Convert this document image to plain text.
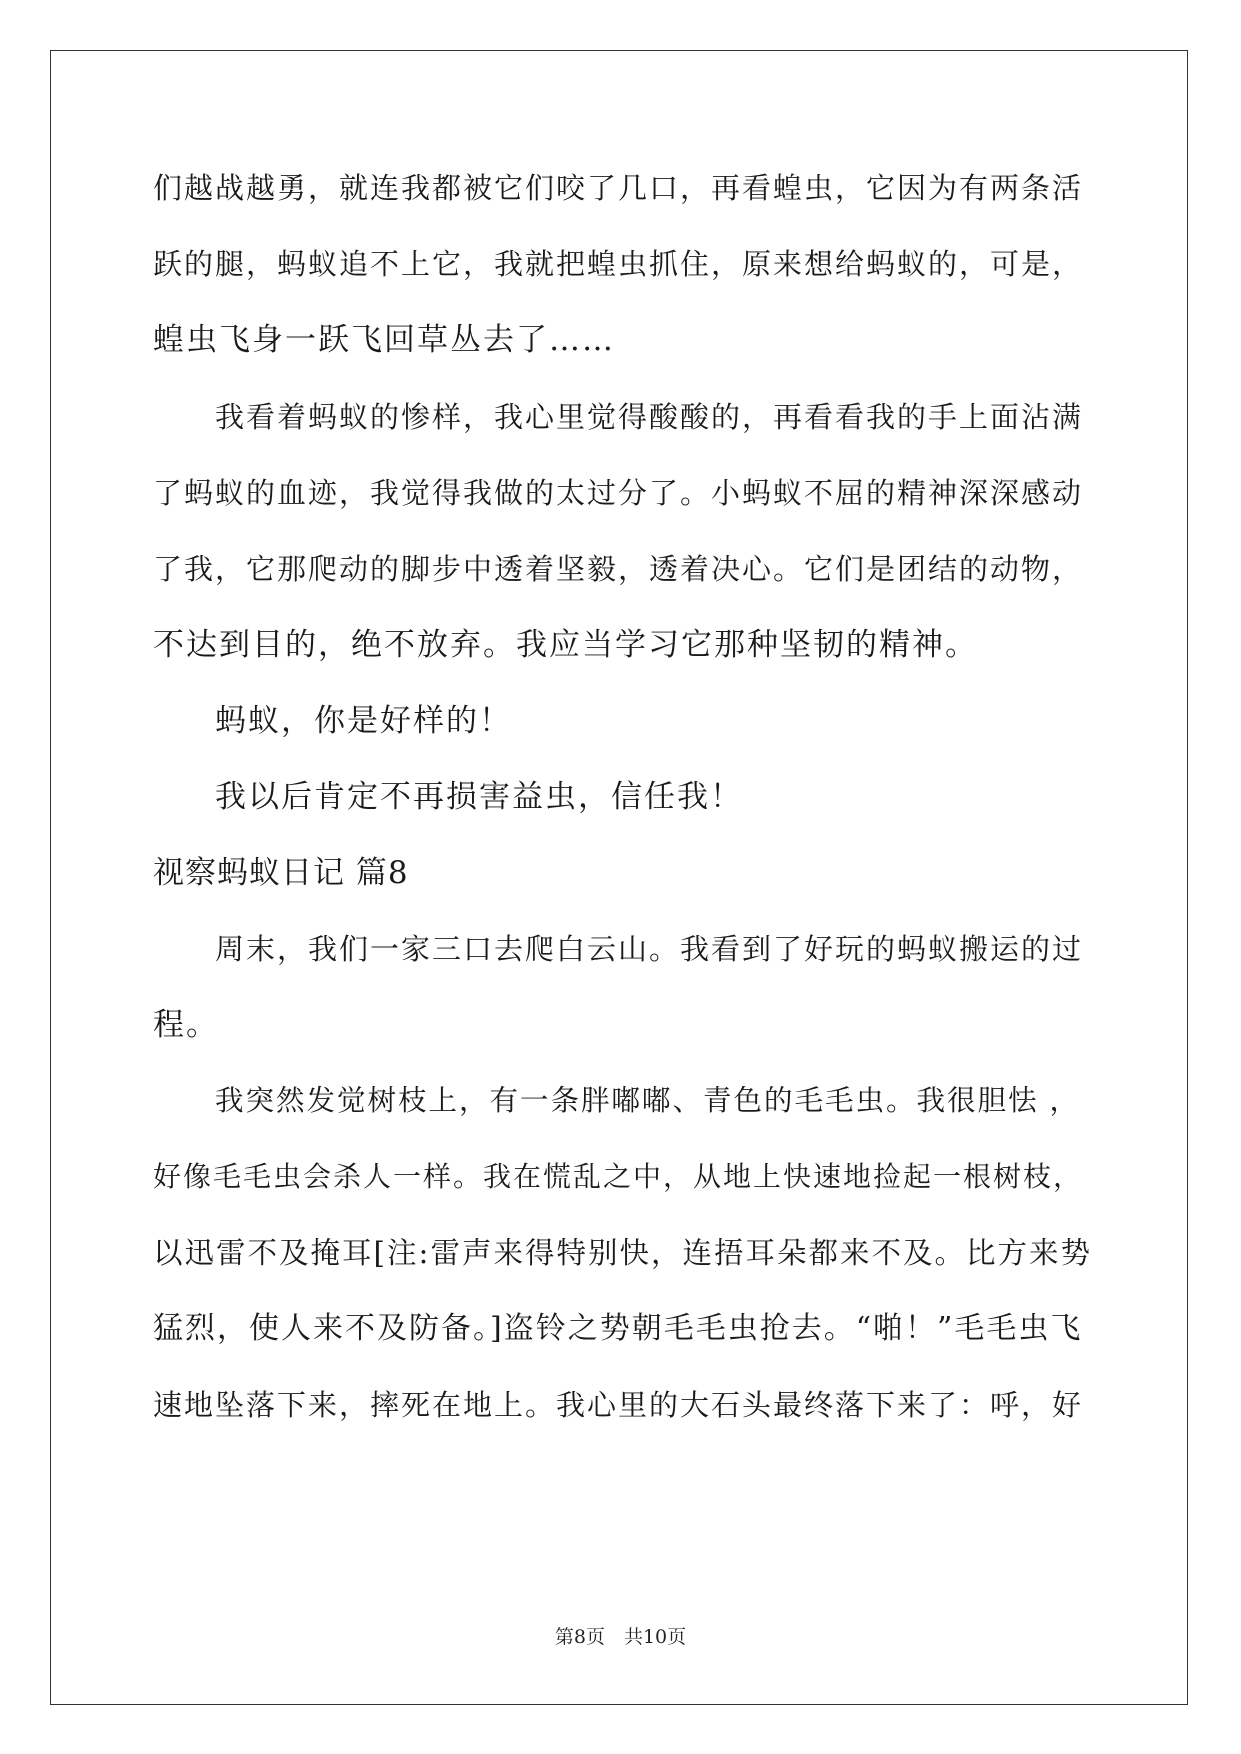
们越战越勇，就连我都被它们咬了几口，再看蝗虫，它因为有两条活
跃的腿，蚂蚁追不上它，我就把蝗虫抓住，原来想给蚂蚁的，可是，
蝗虫飞身一跃飞回草丛去了……
我看着蚂蚁的惨样，我心里觉得酸酸的，再看看我的手上面沾满
了蚂蚁的血迹，我觉得我做的太过分了。小蚂蚁不屈的精神深深感动
了我，它那爬动的脚步中透着坚毅，透着决心。它们是团结的动物，
不达到目的，绝不放弃。我应当学习它那种坚韧的精神。
蚂蚁，你是好样的！
我以后肯定不再损害益虫，信任我！
视察蚂蚁日记 篇8
周末，我们一家三口去爬白云山。我看到了好玩的蚂蚁搬运的过
程。
我突然发觉树枝上，有一条胖嘟嘟、青色的毛毛虫。我很胆怯 ，
好像毛毛虫会杀人一样。我在慌乱之中，从地上快速地捡起一根树枝，
以迅雷不及掩耳[注:雷声来得特别快，连捂耳朵都来不及。比方来势
猛烈，使人来不及防备。]盗铃之势朝毛毛虫抢去。“啪！”毛毛虫飞
速地坠落下来，摔死在地上。我心里的大石头最终落下来了：呼，好
第8页　共10页
